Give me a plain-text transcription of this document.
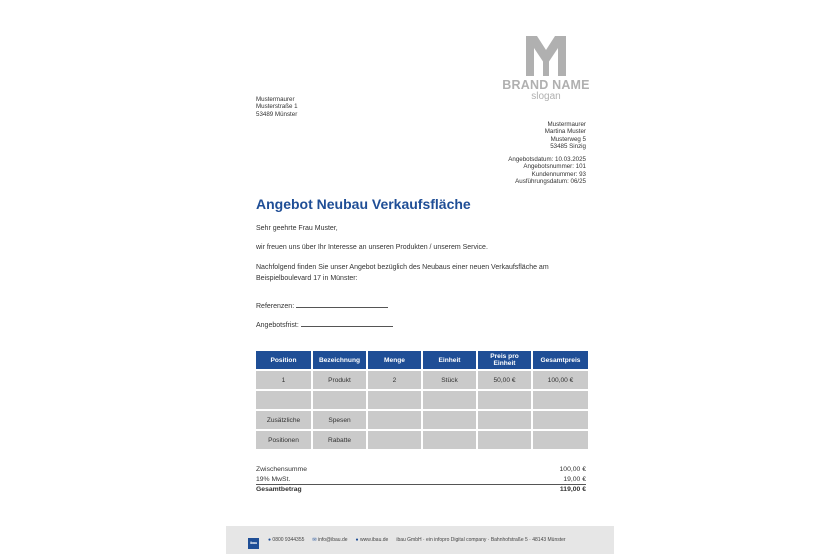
BRAND NAME
slogan
Mustermaurer
Musterstraße 1
53489 Münster
Mustermaurer
Martina Muster
Musterweg 5
53485 Sinzig
Angebotsdatum: 10.03.2025
Angebotsnummer: 101
Kundennummer: 93
Ausführungsdatum: 06/25
Angebot Neubau Verkaufsfläche
Sehr geehrte Frau Muster,
wir freuen uns über Ihr Interesse an unseren Produkten / unserem Service.
Nachfolgend finden Sie unser Angebot bezüglich des Neubaus einer neuen Verkaufsfläche am Beispielboulevard 17 in Münster:
Referenzen:
Angebotsfrist:
Position	Bezeichnung	Menge	Einheit	Preis pro Einheit	Gesamtpreis
1	Produkt	2	Stück	50,00 €	100,00 €

Zusätzliche	Spesen				
Positionen	Rabatte				
Zwischensumme	100,00 €
19% MwSt.	19,00 €
Gesamtbetrag	119,00 €
ibau	● 0800 9344355 ✉ info@ibau.de ● www.ibau.de ibau GmbH · ein infopro Digital company · Bahnhofstraße 5 · 48143 Münster
